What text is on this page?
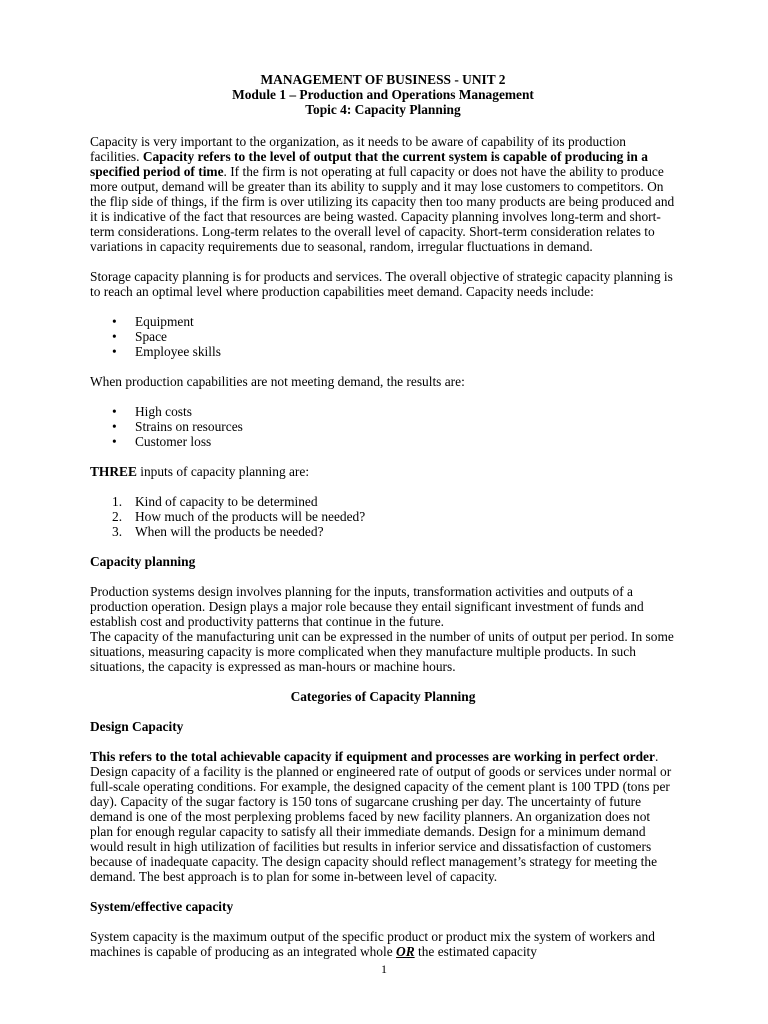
MANAGEMENT OF BUSINESS - UNIT 2

Module 1 – Production and Operations Management

Topic 4: Capacity Planning

Capacity is very important to the organization, as it needs to be aware of capability of its production facilities. Capacity refers to the level of output that the current system is capable of producing in a specified period of time. If the firm is not operating at full capacity or does not have the ability to produce more output, demand will be greater than its ability to supply and it may lose customers to competitors. On the flip side of things, if the firm is over utilizing its capacity then too many products are being produced and it is indicative of the fact that resources are being wasted. Capacity planning involves long-term and short-term considerations. Long-term relates to the overall level of capacity. Short-term consideration relates to variations in capacity requirements due to seasonal, random, irregular fluctuations in demand.

Storage capacity planning is for products and services. The overall objective of strategic capacity planning is to reach an optimal level where production capabilities meet demand. Capacity needs include:

• Equipment
• Space
• Employee skills

When production capabilities are not meeting demand, the results are:

• High costs
• Strains on resources
• Customer loss

THREE inputs of capacity planning are:

1. Kind of capacity to be determined
2. How much of the products will be needed?
3. When will the products be needed?

Capacity planning

Production systems design involves planning for the inputs, transformation activities and outputs of a production operation. Design plays a major role because they entail significant investment of funds and establish cost and productivity patterns that continue in the future.

The capacity of the manufacturing unit can be expressed in the number of units of output per period. In some situations, measuring capacity is more complicated when they manufacture multiple products. In such situations, the capacity is expressed as man-hours or machine hours.

Categories of Capacity Planning

Design Capacity

This refers to the total achievable capacity if equipment and processes are working in perfect order. Design capacity of a facility is the planned or engineered rate of output of goods or services under normal or full-scale operating conditions. For example, the designed capacity of the cement plant is 100 TPD (tons per day). Capacity of the sugar factory is 150 tons of sugarcane crushing per day. The uncertainty of future demand is one of the most perplexing problems faced by new facility planners. An organization does not plan for enough regular capacity to satisfy all their immediate demands. Design for a minimum demand would result in high utilization of facilities but results in inferior service and dissatisfaction of customers because of inadequate capacity. The design capacity should reflect management’s strategy for meeting the demand. The best approach is to plan for some in-between level of capacity.

System/effective capacity

System capacity is the maximum output of the specific product or product mix the system of workers and machines is capable of producing as an integrated whole OR the estimated capacity

1
